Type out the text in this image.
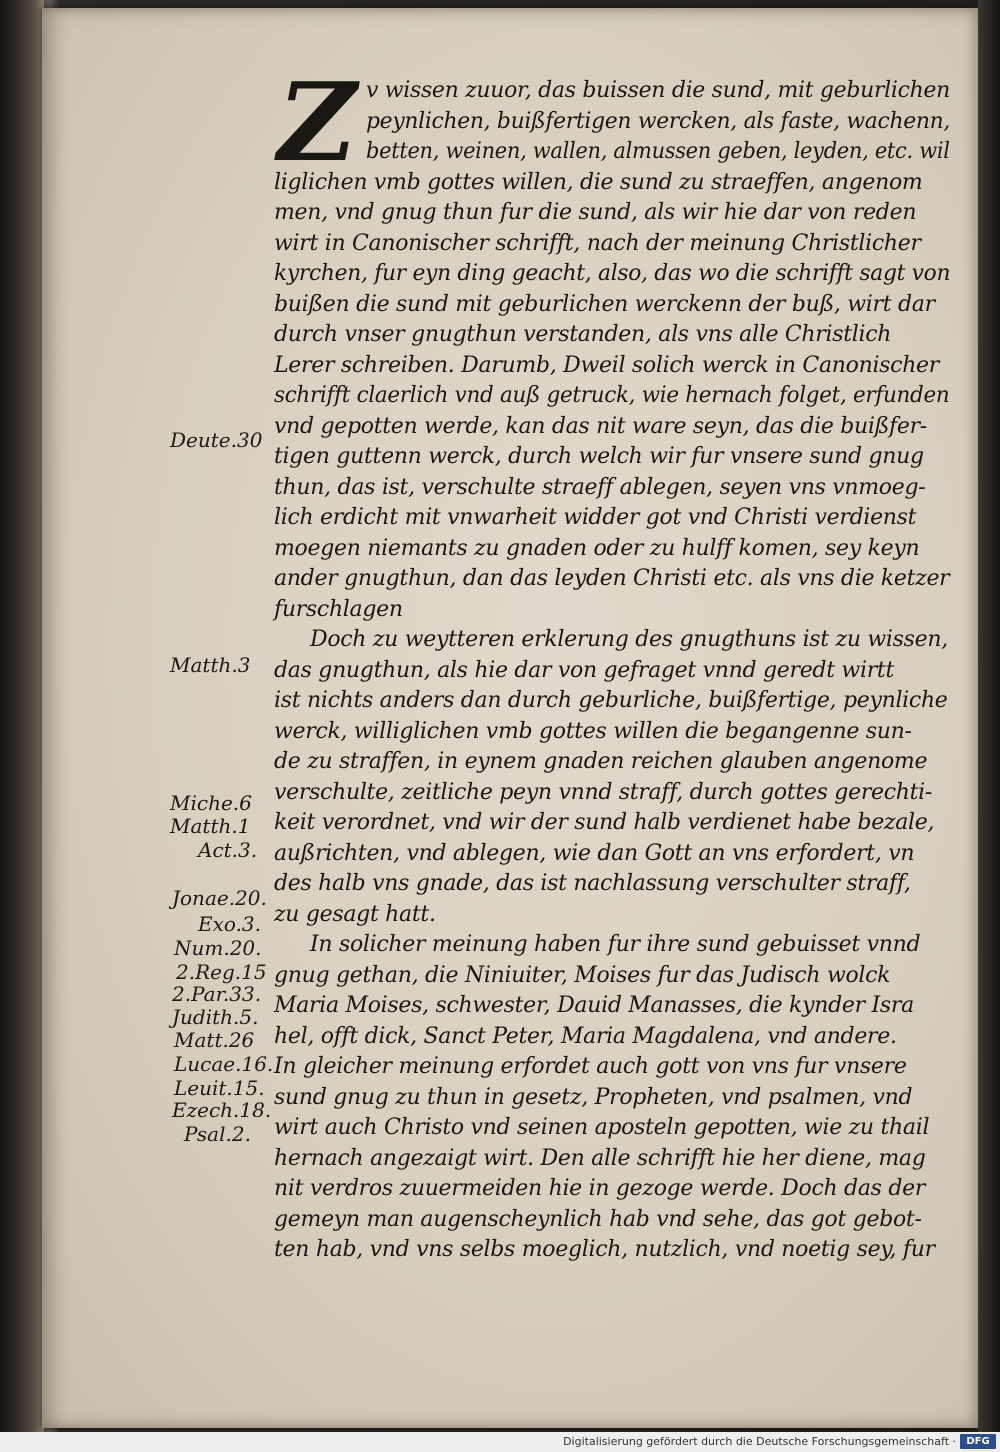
Deute.30
Matth.3
Miche.6
Matth.1
Act.3.
Jonae.20.
Exo.3.
Num.20.
2.Reg.15
2.Par.33.
Judith.5.
Matt.26
Lucae.16.
Leuit.15.
Ezech.18.
Psal.2.
Z v wissen zuuor, das buissen die sund, mit geburlichen
peynlichen, buißfertigen wercken, als faste, wachenn,
betten, weinen, wallen, almussen geben, leyden, etc. wil
liglichen vmb gottes willen, die sund zu straeffen, angenom
men, vnd gnug thun fur die sund, als wir hie dar von reden
wirt in Canonischer schrifft, nach der meinung Christlicher
kyrchen, fur eyn ding geacht, also, das wo die schrifft sagt von
buißen die sund mit geburlichen werckenn der buß, wirt dar
durch vnser gnugthun verstanden, als vns alle Christlich
Lerer schreiben. Darumb, Dweil solich werck in Canonischer
schrifft claerlich vnd auß getruck, wie hernach folget, erfunden
vnd gepotten werde, kan das nit ware seyn, das die buißfer-
tigen guttenn werck, durch welch wir fur vnsere sund gnug
thun, das ist, verschulte straeff ablegen, seyen vns vnmoeg-
lich erdicht mit vnwarheit widder got vnd Christi verdienst
moegen niemants zu gnaden oder zu hulff komen, sey keyn
ander gnugthun, dan das leyden Christi etc. als vns die ketzer
furschlagen
Doch zu weytteren erklerung des gnugthuns ist zu wissen,
das gnugthun, als hie dar von gefraget vnnd geredt wirtt
ist nichts anders dan durch geburliche, buißfertige, peynliche
werck, williglichen vmb gottes willen die begangenne sun-
de zu straffen, in eynem gnaden reichen glauben angenome
verschulte, zeitliche peyn vnnd straff, durch gottes gerechti-
keit verordnet, vnd wir der sund halb verdienet habe bezale,
außrichten, vnd ablegen, wie dan Gott an vns erfordert, vn
des halb vns gnade, das ist nachlassung verschulter straff,
zu gesagt hatt.
In solicher meinung haben fur ihre sund gebuisset vnnd
gnug gethan, die Niniuiter, Moises fur das Judisch wolck
Maria Moises, schwester, Dauid Manasses, die kynder Isra
hel, offt dick, Sanct Peter, Maria Magdalena, vnd andere.
In gleicher meinung erfordet auch gott von vns fur vnsere
sund gnug zu thun in gesetz, Propheten, vnd psalmen, vnd
wirt auch Christo vnd seinen aposteln gepotten, wie zu thail
hernach angezaigt wirt. Den alle schrifft hie her diene, mag
nit verdros zuuermeiden hie in gezoge werde. Doch das der
gemeyn man augenscheynlich hab vnd sehe, das got gebot-
ten hab, vnd vns selbs moeglich, nutzlich, vnd noetig sey, fur
Digitalisierung gefördert durch die Deutsche Forschungsgemeinschaft ·	DFG
